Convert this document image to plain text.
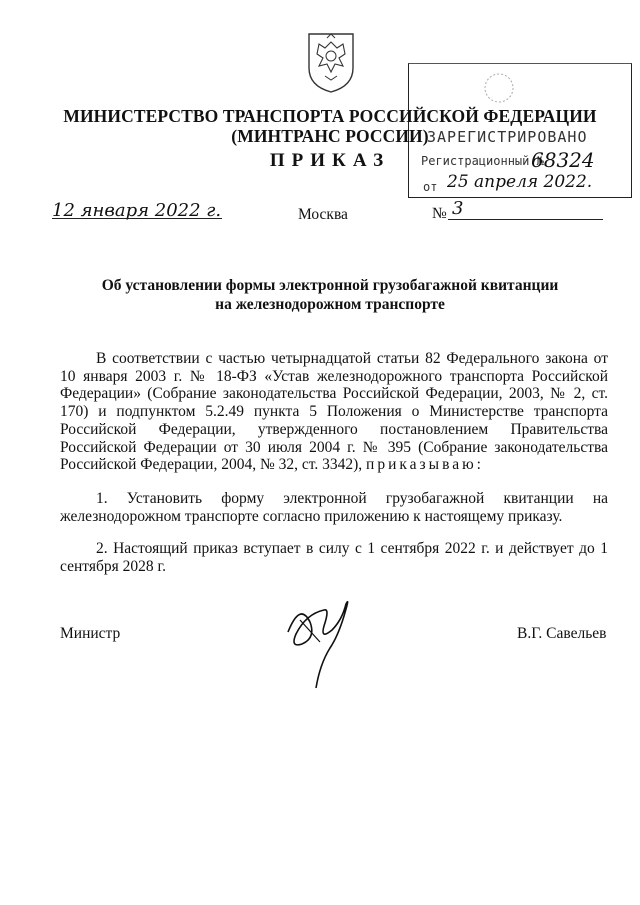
ЗАРЕГИСТРИРОВАНО
Регистрационный №
68324
от 25 апреля 2022.
МИНИСТЕРСТВО ТРАНСПОРТА РОССИЙСКОЙ ФЕДЕРАЦИИ
(МИНТРАНС РОССИИ)
ПРИКАЗ
12 января 2022 г.	Москва	№ 3
Об установлении формы электронной грузобагажной квитанции
на железнодорожном транспорте
В соответствии с частью четырнадцатой статьи 82 Федерального закона от 10 января 2003 г. № 18-ФЗ «Устав железнодорожного транспорта Российской Федерации» (Собрание законодательства Российской Федерации, 2003, № 2, ст. 170) и подпунктом 5.2.49 пункта 5 Положения о Министерстве транспорта Российской Федерации, утвержденного постановлением Правительства Российской Федерации от 30 июля 2004 г. № 395 (Собрание законодательства Российской Федерации, 2004, № 32, ст. 3342), приказываю:
1. Установить форму электронной грузобагажной квитанции на железнодорожном транспорте согласно приложению к настоящему приказу.
2. Настоящий приказ вступает в силу с 1 сентября 2022 г. и действует до 1 сентября 2028 г.
Министр	В.Г. Савельев
